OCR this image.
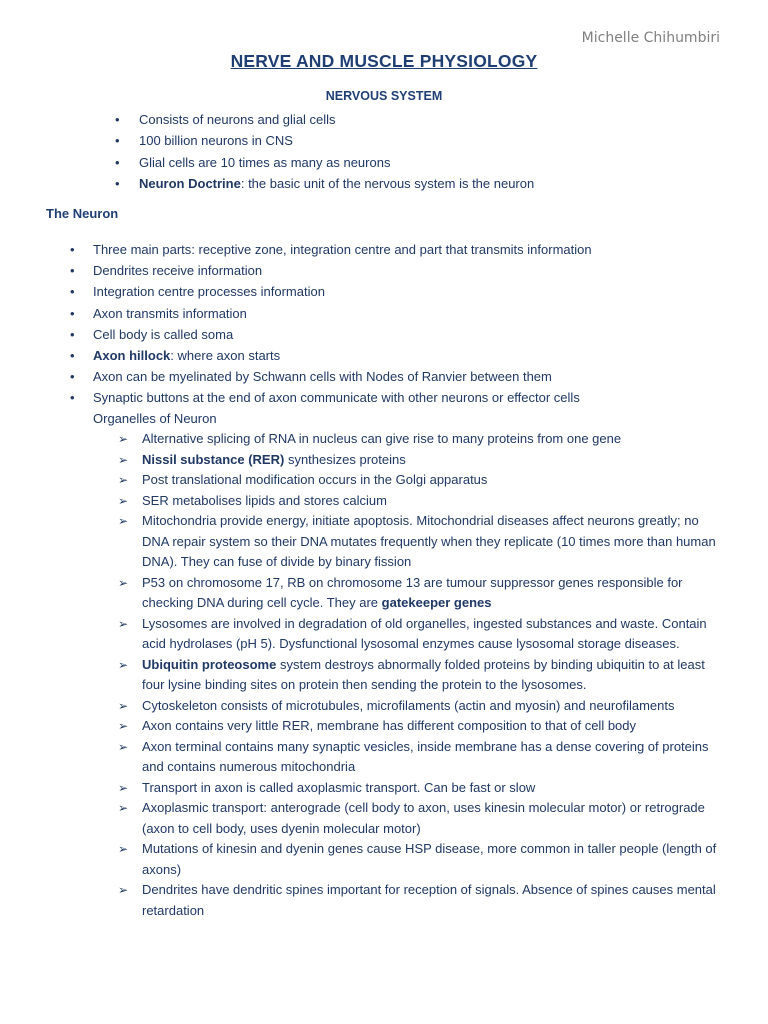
Michelle Chihumbiri
NERVE AND MUSCLE PHYSIOLOGY
NERVOUS SYSTEM
• Consists of neurons and glial cells
• 100 billion neurons in CNS
• Glial cells are 10 times as many as neurons
• Neuron Doctrine: the basic unit of the nervous system is the neuron
The Neuron
• Three main parts: receptive zone, integration centre and part that transmits information
• Dendrites receive information
• Integration centre processes information
• Axon transmits information
• Cell body is called soma
• Axon hillock: where axon starts
• Axon can be myelinated by Schwann cells with Nodes of Ranvier between them
• Synaptic buttons at the end of axon communicate with other neurons or effector cells
Organelles of Neuron
➢ Alternative splicing of RNA in nucleus can give rise to many proteins from one gene
➢ Nissil substance (RER) synthesizes proteins
➢ Post translational modification occurs in the Golgi apparatus
➢ SER metabolises lipids and stores calcium
➢ Mitochondria provide energy, initiate apoptosis. Mitochondrial diseases affect neurons greatly; no DNA repair system so their DNA mutates frequently when they replicate (10 times more than human DNA). They can fuse of divide by binary fission
➢ P53 on chromosome 17, RB on chromosome 13 are tumour suppressor genes responsible for checking DNA during cell cycle. They are gatekeeper genes
➢ Lysosomes are involved in degradation of old organelles, ingested substances and waste. Contain acid hydrolases (pH 5). Dysfunctional lysosomal enzymes cause lysosomal storage diseases.
➢ Ubiquitin proteosome system destroys abnormally folded proteins by binding ubiquitin to at least four lysine binding sites on protein then sending the protein to the lysosomes.
➢ Cytoskeleton consists of microtubules, microfilaments (actin and myosin) and neurofilaments
➢ Axon contains very little RER, membrane has different composition to that of cell body
➢ Axon terminal contains many synaptic vesicles, inside membrane has a dense covering of proteins and contains numerous mitochondria
➢ Transport in axon is called axoplasmic transport. Can be fast or slow
➢ Axoplasmic transport: anterograde (cell body to axon, uses kinesin molecular motor) or retrograde (axon to cell body, uses dyenin molecular motor)
➢ Mutations of kinesin and dyenin genes cause HSP disease, more common in taller people (length of axons)
➢ Dendrites have dendritic spines important for reception of signals. Absence of spines causes mental retardation
